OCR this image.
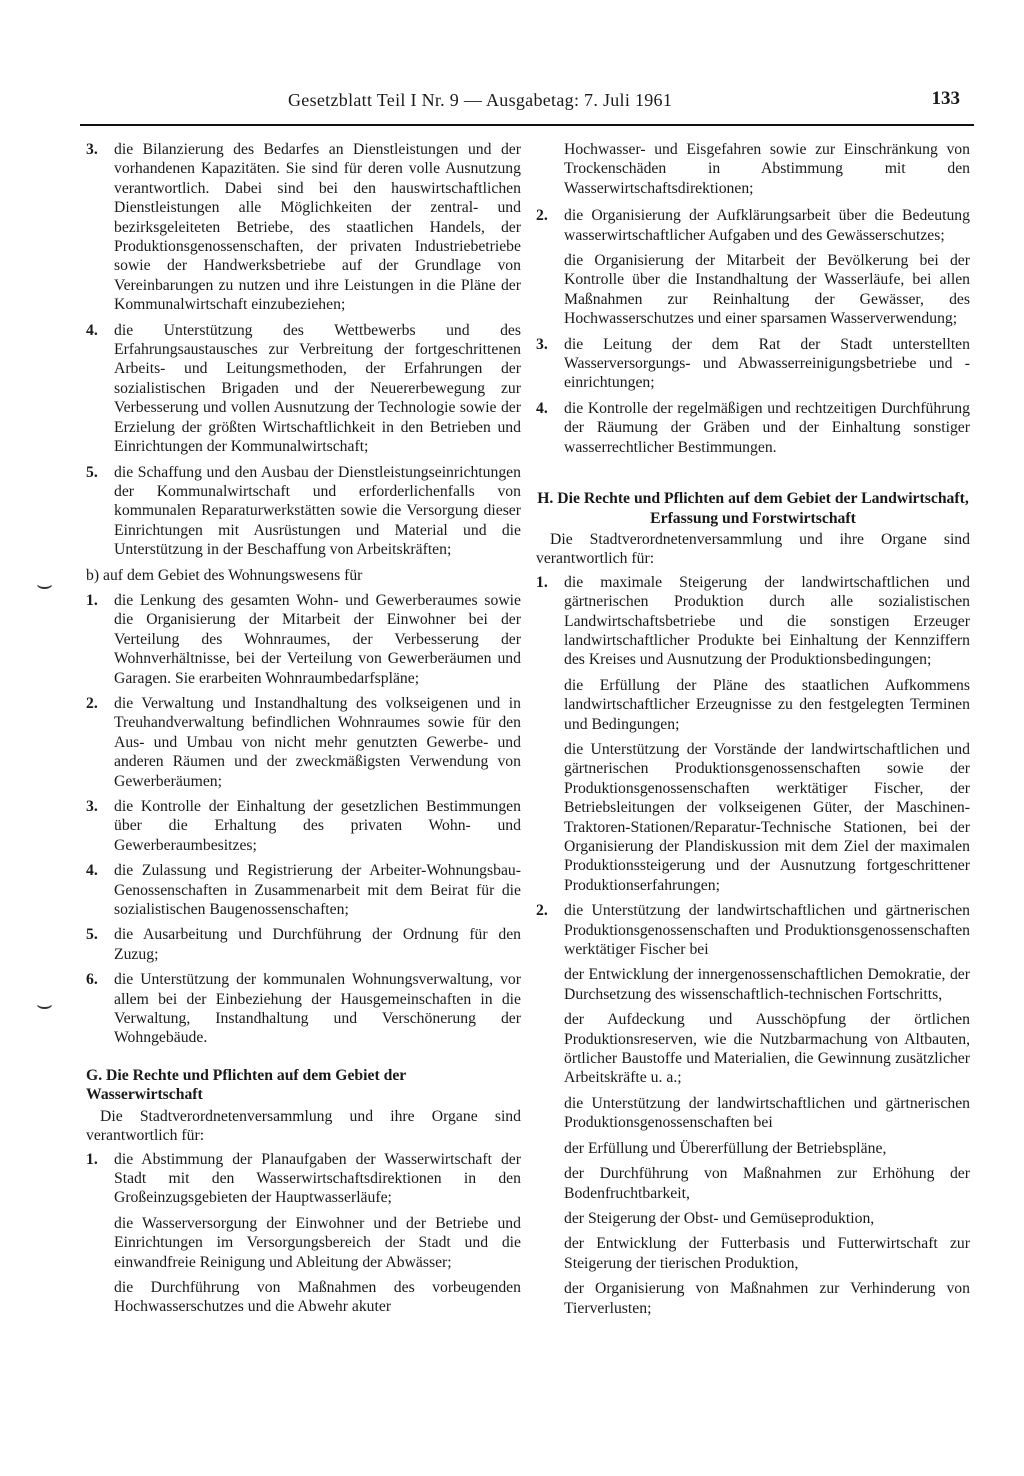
Gesetzblatt Teil I Nr. 9 — Ausgabetag: 7. Juli 1961	133
⌣
⌣
3. die Bilanzierung des Bedarfes an Dienstleistungen und der vorhandenen Kapazitäten. Sie sind für deren volle Ausnutzung verantwortlich. Dabei sind bei den hauswirtschaftlichen Dienstleistungen alle Möglichkeiten der zentral- und bezirksgeleiteten Betriebe, des staatlichen Handels, der Produktionsgenossenschaften, der privaten Industriebetriebe sowie der Handwerksbetriebe auf der Grundlage von Vereinbarungen zu nutzen und ihre Leistungen in die Pläne der Kommunalwirtschaft einzubeziehen;
4. die Unterstützung des Wettbewerbs und des Erfahrungsaustausches zur Verbreitung der fortgeschrittenen Arbeits- und Leitungsmethoden, der Erfahrungen der sozialistischen Brigaden und der Neuererbewegung zur Verbesserung und vollen Ausnutzung der Technologie sowie der Erzielung der größten Wirtschaftlichkeit in den Betrieben und Einrichtungen der Kommunalwirtschaft;
5. die Schaffung und den Ausbau der Dienstleistungseinrichtungen der Kommunalwirtschaft und erforderlichenfalls von kommunalen Reparaturwerkstätten sowie die Versorgung dieser Einrichtungen mit Ausrüstungen und Material und die Unterstützung in der Beschaffung von Arbeitskräften;
b) auf dem Gebiet des Wohnungswesens für
1. die Lenkung des gesamten Wohn- und Gewerberaumes sowie die Organisierung der Mitarbeit der Einwohner bei der Verteilung des Wohnraumes, der Verbesserung der Wohnverhältnisse, bei der Verteilung von Gewerberäumen und Garagen. Sie erarbeiten Wohnraumbedarfspläne;
2. die Verwaltung und Instandhaltung des volkseigenen und in Treuhandverwaltung befindlichen Wohnraumes sowie für den Aus- und Umbau von nicht mehr genutzten Gewerbe- und anderen Räumen und der zweckmäßigsten Verwendung von Gewerberäumen;
3. die Kontrolle der Einhaltung der gesetzlichen Bestimmungen über die Erhaltung des privaten Wohn- und Gewerberaumbesitzes;
4. die Zulassung und Registrierung der Arbeiter-Wohnungsbau-Genossenschaften in Zusammenarbeit mit dem Beirat für die sozialistischen Baugenossenschaften;
5. die Ausarbeitung und Durchführung der Ordnung für den Zuzug;
6. die Unterstützung der kommunalen Wohnungsverwaltung, vor allem bei der Einbeziehung der Hausgemeinschaften in die Verwaltung, Instandhaltung und Verschönerung der Wohngebäude.
G. Die Rechte und Pflichten auf dem Gebiet der Wasserwirtschaft
Die Stadtverordnetenversammlung und ihre Organe sind verantwortlich für:
1. die Abstimmung der Planaufgaben der Wasserwirtschaft der Stadt mit den Wasserwirtschaftsdirektionen in den Großeinzugsgebieten der Hauptwasserläufe;
die Wasserversorgung der Einwohner und der Betriebe und Einrichtungen im Versorgungsbereich der Stadt und die einwandfreie Reinigung und Ableitung der Abwässer;
die Durchführung von Maßnahmen des vorbeugenden Hochwasserschutzes und die Abwehr akuter
Hochwasser- und Eisgefahren sowie zur Einschränkung von Trockenschäden in Abstimmung mit den Wasserwirtschaftsdirektionen;
2. die Organisierung der Aufklärungsarbeit über die Bedeutung wasserwirtschaftlicher Aufgaben und des Gewässerschutzes;
die Organisierung der Mitarbeit der Bevölkerung bei der Kontrolle über die Instandhaltung der Wasserläufe, bei allen Maßnahmen zur Reinhaltung der Gewässer, des Hochwasserschutzes und einer sparsamen Wasserverwendung;
3. die Leitung der dem Rat der Stadt unterstellten Wasserversorgungs- und Abwasserreinigungsbetriebe und -einrichtungen;
4. die Kontrolle der regelmäßigen und rechtzeitigen Durchführung der Räumung der Gräben und der Einhaltung sonstiger wasserrechtlicher Bestimmungen.
H. Die Rechte und Pflichten auf dem Gebiet der Landwirtschaft, Erfassung und Forstwirtschaft
Die Stadtverordnetenversammlung und ihre Organe sind verantwortlich für:
1. die maximale Steigerung der landwirtschaftlichen und gärtnerischen Produktion durch alle sozialistischen Landwirtschaftsbetriebe und die sonstigen Erzeuger landwirtschaftlicher Produkte bei Einhaltung der Kennziffern des Kreises und Ausnutzung der Produktionsbedingungen;
die Erfüllung der Pläne des staatlichen Aufkommens landwirtschaftlicher Erzeugnisse zu den festgelegten Terminen und Bedingungen;
die Unterstützung der Vorstände der landwirtschaftlichen und gärtnerischen Produktionsgenossenschaften sowie der Produktionsgenossenschaften werktätiger Fischer, der Betriebsleitungen der volkseigenen Güter, der Maschinen-Traktoren-Stationen/Reparatur-Technische Stationen, bei der Organisierung der Plandiskussion mit dem Ziel der maximalen Produktionssteigerung und der Ausnutzung fortgeschrittener Produktionserfahrungen;
2. die Unterstützung der landwirtschaftlichen und gärtnerischen Produktionsgenossenschaften und Produktionsgenossenschaften werktätiger Fischer bei
der Entwicklung der innergenossenschaftlichen Demokratie, der Durchsetzung des wissenschaftlich-technischen Fortschritts,
der Aufdeckung und Ausschöpfung der örtlichen Produktionsreserven, wie die Nutzbarmachung von Altbauten, örtlicher Baustoffe und Materialien, die Gewinnung zusätzlicher Arbeitskräfte u. a.;
die Unterstützung der landwirtschaftlichen und gärtnerischen Produktionsgenossenschaften bei
der Erfüllung und Übererfüllung der Betriebspläne,
der Durchführung von Maßnahmen zur Erhöhung der Bodenfruchtbarkeit,
der Steigerung der Obst- und Gemüseproduktion,
der Entwicklung der Futterbasis und Futterwirtschaft zur Steigerung der tierischen Produktion,
der Organisierung von Maßnahmen zur Verhinderung von Tierverlusten;
